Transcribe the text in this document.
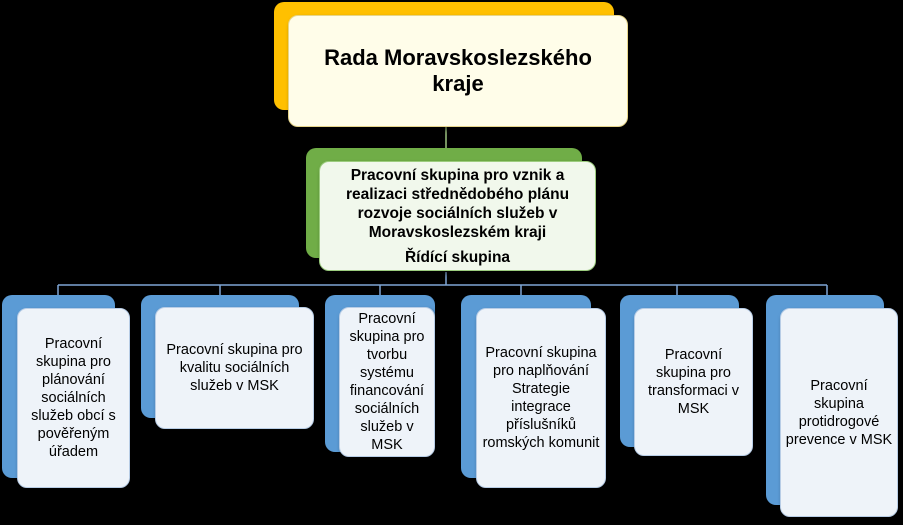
Rada Moravskoslezského kraje
Pracovní skupina pro vznik a realizaci střednědobého plánu rozvoje sociálních služeb v Moravskoslezském kraji
Řídící skupina
Pracovní skupina pro plánování sociálních služeb obcí s pověřeným úřadem
Pracovní skupina pro kvalitu sociálních služeb v MSK
Pracovní skupina pro tvorbu systému financování sociálních služeb v MSK
Pracovní skupina pro naplňování Strategie integrace příslušníků romských komunit
Pracovní skupina pro transformaci v MSK
Pracovní skupina protidrogové prevence v MSK
